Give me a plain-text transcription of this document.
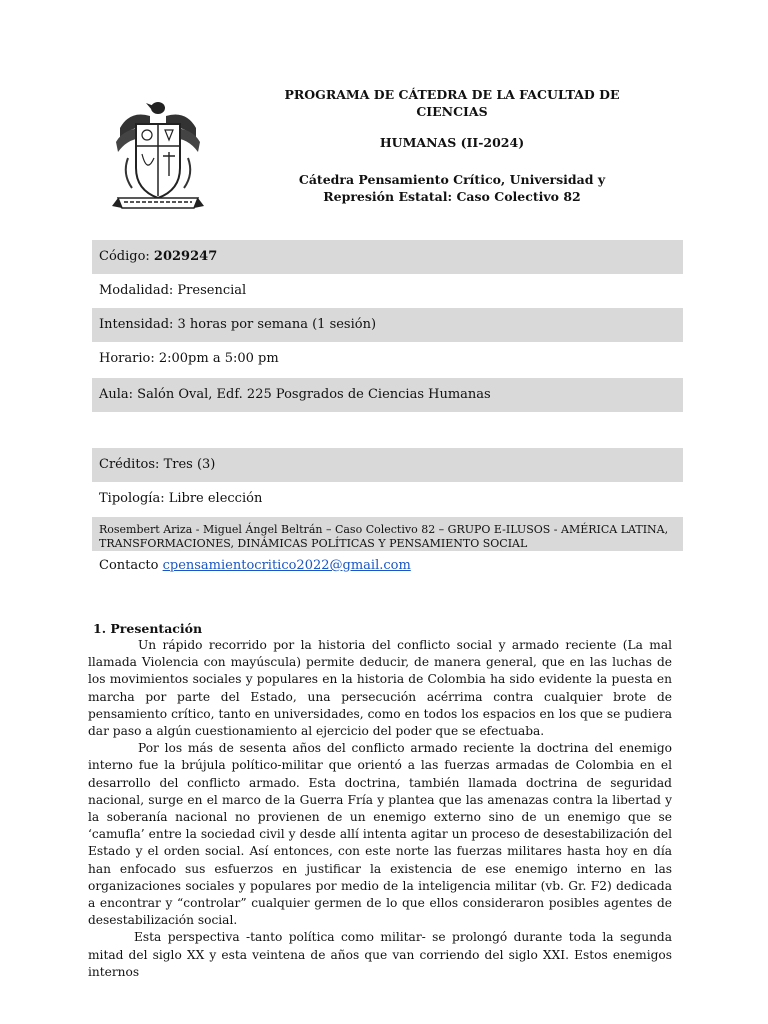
PROGRAMA DE CÁTEDRA DE LA FACULTAD DE CIENCIAS
HUMANAS (II-2024)
Cátedra Pensamiento Crítico, Universidad y Represión Estatal: Caso Colectivo 82
Código: 2029247
Modalidad: Presencial
Intensidad: 3 horas por semana (1 sesión)
Horario: 2:00pm a 5:00 pm
Aula: Salón Oval, Edf. 225 Posgrados de Ciencias Humanas
Créditos: Tres (3)
Tipología: Libre elección
Rosembert Ariza - Miguel Ángel Beltrán – Caso Colectivo 82 – GRUPO E-ILUSOS - AMÉRICA LATINA, TRANSFORMACIONES, DINÁMICAS POLÍTICAS Y PENSAMIENTO SOCIAL
Contacto cpensamientocritico2022@gmail.com
1. Presentación

Un rápido recorrido por la historia del conflicto social y armado reciente (La mal llamada Violencia con mayúscula) permite deducir, de manera general, que en las luchas de los movimientos sociales y populares en la historia de Colombia ha sido evidente la puesta en marcha por parte del Estado, una persecución acérrima contra cualquier brote de pensamiento crítico, tanto en universidades, como en todos los espacios en los que se pudiera dar paso a algún cuestionamiento al ejercicio del poder que se efectuaba.

Por los más de sesenta años del conflicto armado reciente la doctrina del enemigo interno fue la brújula político-militar que orientó a las fuerzas armadas de Colombia en el desarrollo del conflicto armado. Esta doctrina, también llamada doctrina de seguridad nacional, surge en el marco de la Guerra Fría y plantea que las amenazas contra la libertad y la soberanía nacional no provienen de un enemigo externo sino de un enemigo que se ‘camufla’ entre la sociedad civil y desde allí intenta agitar un proceso de desestabilización del Estado y el orden social. Así entonces, con este norte las fuerzas militares hasta hoy en día han enfocado sus esfuerzos en justificar la existencia de ese enemigo interno en las organizaciones sociales y populares por medio de la inteligencia militar (vb. Gr. F2) dedicada a encontrar y “controlar” cualquier germen de lo que ellos consideraron posibles agentes de desestabilización social.

Esta perspectiva -tanto política como militar- se prolongó durante toda la segunda mitad del siglo XX y esta veintena de años que van corriendo del siglo XXI. Estos enemigos internos
